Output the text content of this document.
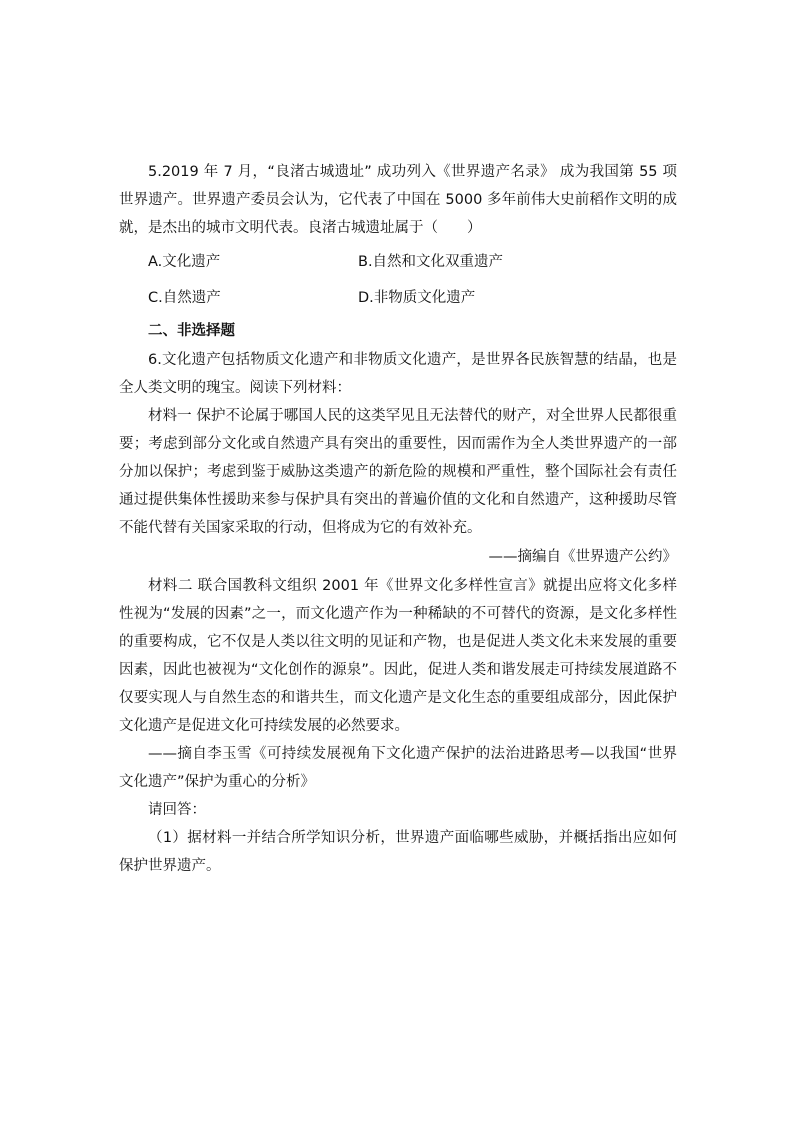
5.2019 年 7 月，“良渚古城遗址” 成功列入《世界遗产名录》 成为我国第 55 项世界遗产。世界遗产委员会认为，它代表了中国在 5000 多年前伟大史前稻作文明的成就，是杰出的城市文明代表。良渚古城遗址属于（　　）

A.文化遗产	B.自然和文化双重遗产
C.自然遗产	D.非物质文化遗产

二、非选择题

6.文化遗产包括物质文化遗产和非物质文化遗产，是世界各民族智慧的结晶，也是全人类文明的瑰宝。阅读下列材料：

材料一 保护不论属于哪国人民的这类罕见且无法替代的财产，对全世界人民都很重要；考虑到部分文化或自然遗产具有突出的重要性，因而需作为全人类世界遗产的一部分加以保护；考虑到鉴于威胁这类遗产的新危险的规模和严重性，整个国际社会有责任通过提供集体性援助来参与保护具有突出的普遍价值的文化和自然遗产，这种援助尽管不能代替有关国家采取的行动，但将成为它的有效补充。

——摘编自《世界遗产公约》

材料二 联合国教科文组织 2001 年《世界文化多样性宣言》就提出应将文化多样性视为“发展的因素”之一，而文化遗产作为一种稀缺的不可替代的资源，是文化多样性的重要构成，它不仅是人类以往文明的见证和产物，也是促进人类文化未来发展的重要因素，因此也被视为“文化创作的源泉”。因此，促进人类和谐发展走可持续发展道路不仅要实现人与自然生态的和谐共生，而文化遗产是文化生态的重要组成部分，因此保护文化遗产是促进文化可持续发展的必然要求。

——摘自李玉雪《可持续发展视角下文化遗产保护的法治进路思考—以我国“世界文化遗产”保护为重心的分析》

请回答：

（1）据材料一并结合所学知识分析，世界遗产面临哪些威胁，并概括指出应如何保护世界遗产。
